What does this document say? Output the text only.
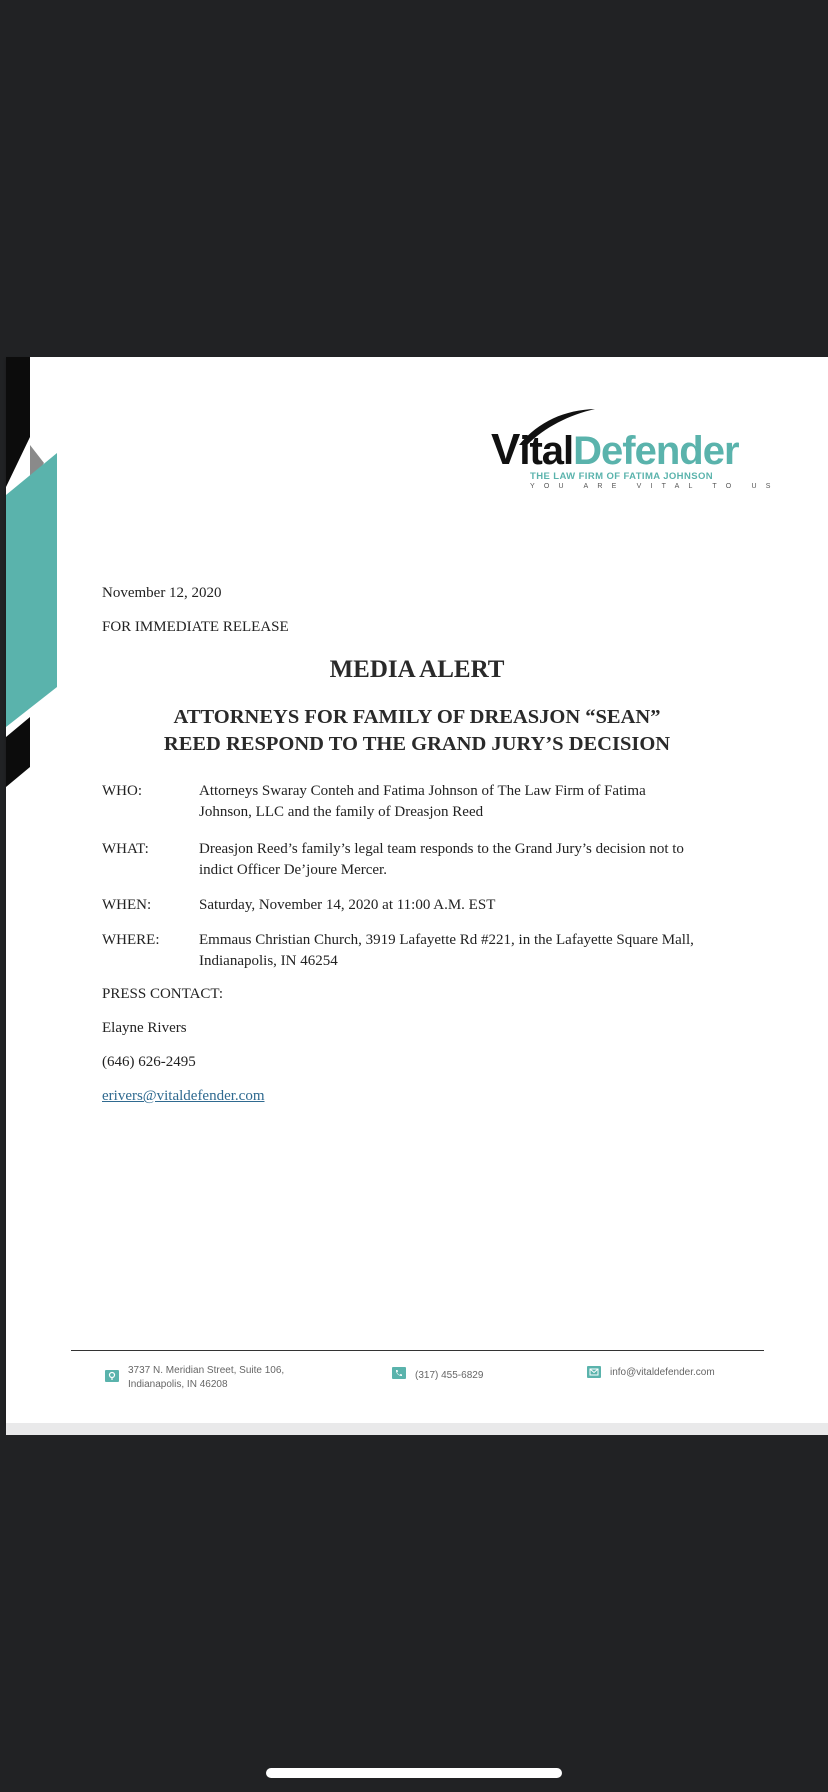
VitalDefender
THE LAW FIRM OF FATIMA JOHNSON
YOU ARE VITAL TO US
November 12, 2020
FOR IMMEDIATE RELEASE
MEDIA ALERT
ATTORNEYS FOR FAMILY OF DREASJON “SEAN”
REED RESPOND TO THE GRAND JURY’S DECISION
WHO:	Attorneys Swaray Conteh and Fatima Johnson of The Law Firm of Fatima
Johnson, LLC and the family of Dreasjon Reed
WHAT:	Dreasjon Reed’s family’s legal team responds to the Grand Jury’s decision not to
indict Officer De’joure Mercer.
WHEN:	Saturday, November 14, 2020 at 11:00 A.M. EST
WHERE:	Emmaus Christian Church, 3919 Lafayette Rd #221, in the Lafayette Square Mall,
Indianapolis, IN 46254
PRESS CONTACT:
Elayne Rivers
(646) 626-2495
erivers@vitaldefender.com
3737 N. Meridian Street, Suite 106,
Indianapolis, IN 46208
(317) 455-6829	info@vitaldefender.com
